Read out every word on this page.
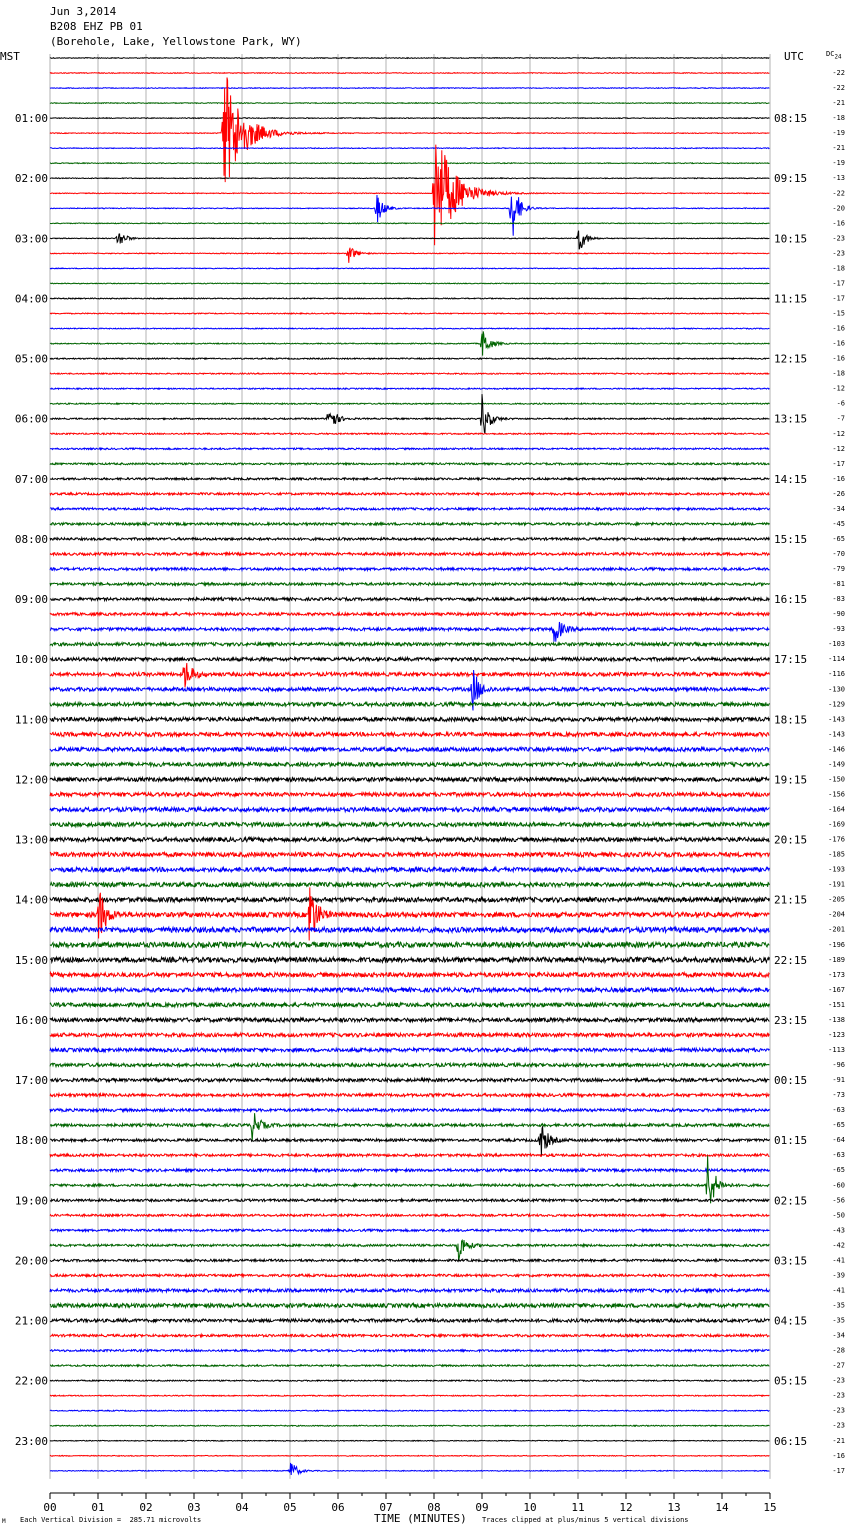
Jun 3,2014
B208 EHZ PB 01
(Borehole, Lake, Yellowstone Park, WY)
MST	UTC	$DC_{24}$
01:00
02:00
03:00
04:00
05:00
06:00
07:00
08:00
09:00
10:00
11:00
12:00
13:00
14:00
15:00
16:00
17:00
18:00
19:00
20:00
21:00
22:00
23:00
08:15
09:15
10:15
11:15
12:15
13:15
14:15
15:15
16:15
17:15
18:15
19:15
20:15
21:15
22:15
23:15
00:15
01:15
02:15
03:15
04:15
05:15
06:15
-22
-22
-21
-18
-19
-21
-19
-13
-22
-20
-16
-23
-23
-18
-17
-17
-15
-16
-16
-16
-18
-12
-6
-7
-12
-12
-17
-16
-26
-34
-45
-65
-70
-79
-81
-83
-90
-93
-103
-114
-116
-130
-129
-143
-143
-146
-149
-150
-156
-164
-169
-176
-185
-193
-191
-205
-204
-201
-196
-189
-173
-167
-151
-138
-123
-113
-96
-91
-73
-63
-65
-64
-63
-65
-60
-56
-50
-43
-42
-41
-39
-41
-35
-35
-34
-28
-27
-23
-23
-23
-23
-21
-16
-17
00	01	02	03	04	05	06	07	08	09	10	11	12	13	14	15
M Each Vertical Division =  285.71 microvolts	TIME (MINUTES) Traces clipped at plus/minus 5 vertical divisions
